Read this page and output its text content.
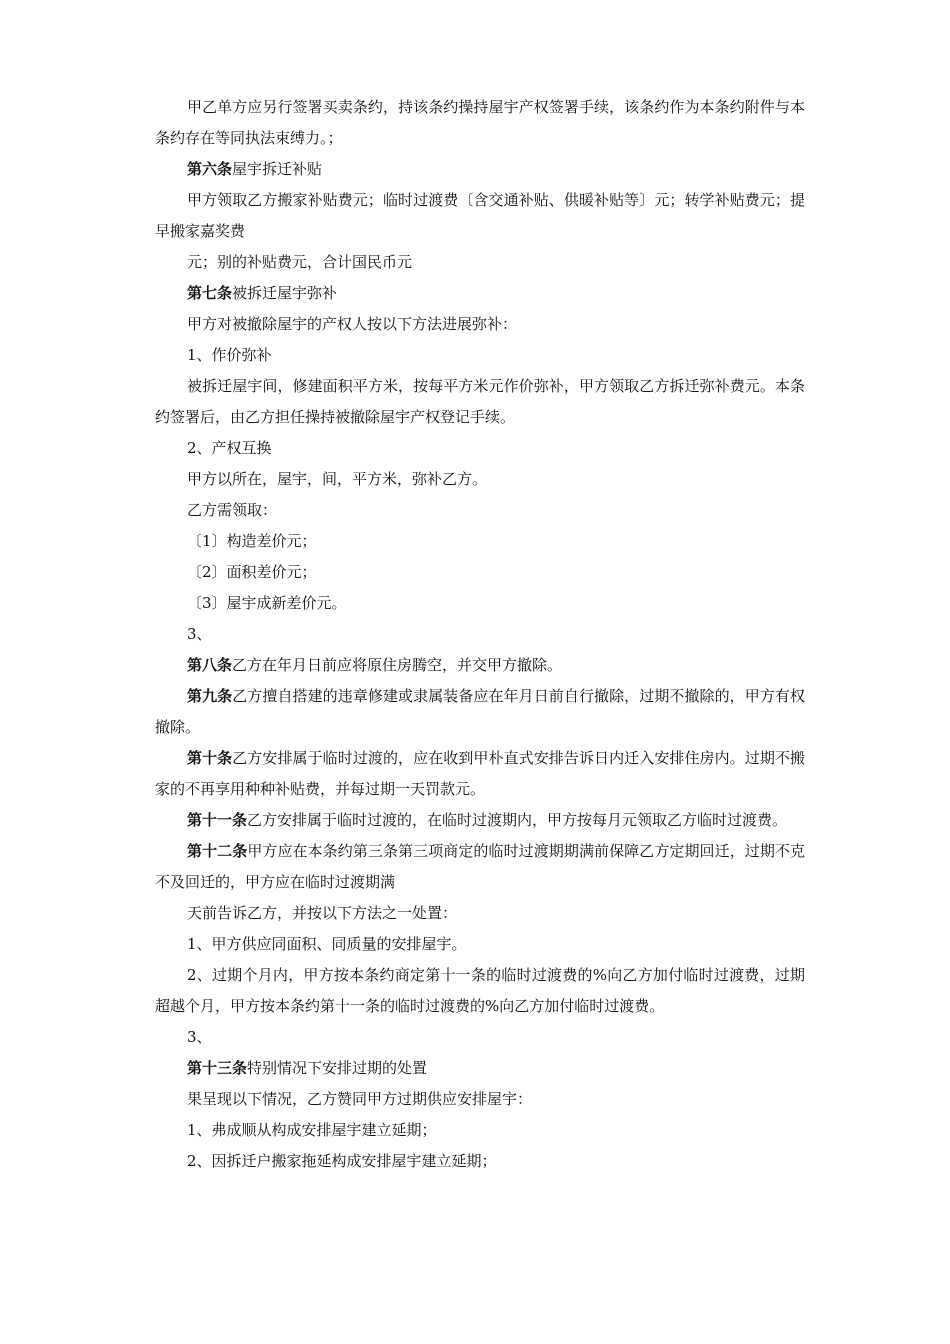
甲乙单方应另行签署买卖条约，持该条约操持屋宇产权签署手续，该条约作为本条约附件与本条约存在等同执法束缚力。；

第六条屋宇拆迁补贴

甲方领取乙方搬家补贴费元；临时过渡费〔含交通补贴、供暖补贴等〕元；转学补贴费元；提早搬家嘉奖费

元；别的补贴费元，合计国民币元

第七条被拆迁屋宇弥补

甲方对被撤除屋宇的产权人按以下方法进展弥补：

1、作价弥补

被拆迁屋宇间，修建面积平方米，按每平方米元作价弥补，甲方领取乙方拆迁弥补费元。本条约签署后，由乙方担任操持被撤除屋宇产权登记手续。

2、产权互换

甲方以所在，屋宇，间，平方米，弥补乙方。

乙方需领取：

〔1〕构造差价元；

〔2〕面积差价元；

〔3〕屋宇成新差价元。

3、

第八条乙方在年月日前应将原住房腾空，并交甲方撤除。

第九条乙方擅自搭建的违章修建或隶属装备应在年月日前自行撤除，过期不撤除的，甲方有权撤除。

第十条乙方安排属于临时过渡的，应在收到甲朴直式安排告诉日内迁入安排住房内。过期不搬家的不再享用种种补贴费，并每过期一天罚款元。

第十一条乙方安排属于临时过渡的，在临时过渡期内，甲方按每月元领取乙方临时过渡费。

第十二条甲方应在本条约第三条第三项商定的临时过渡期期满前保障乙方定期回迁，过期不克不及回迁的，甲方应在临时过渡期满

天前告诉乙方，并按以下方法之一处置：

1、甲方供应同面积、同质量的安排屋宇。

2、过期个月内，甲方按本条约商定第十一条的临时过渡费的%向乙方加付临时过渡费，过期超越个月，甲方按本条约第十一条的临时过渡费的%向乙方加付临时过渡费。

3、

第十三条特别情况下安排过期的处置

果呈现以下情况，乙方赞同甲方过期供应安排屋宇：

1、弗成顺从构成安排屋宇建立延期；

2、因拆迁户搬家拖延构成安排屋宇建立延期；
